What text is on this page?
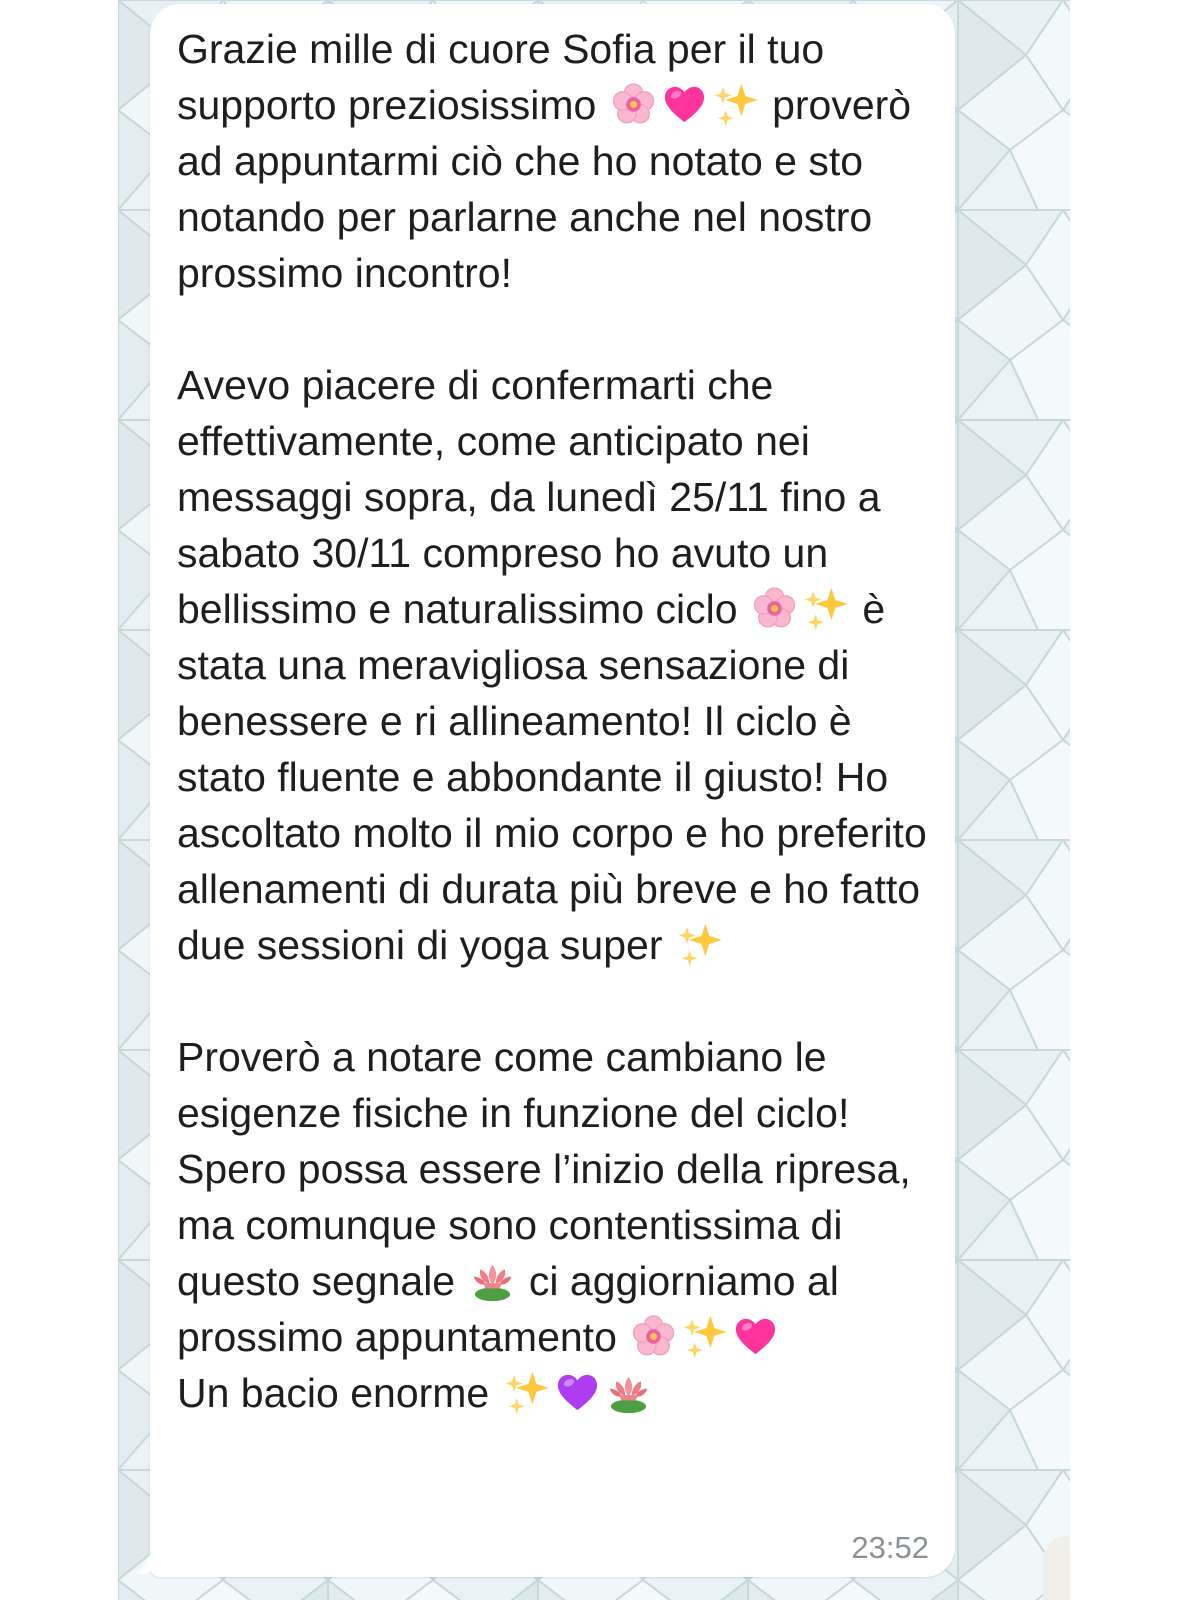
Grazie mille di cuore Sofia per il tuo supporto preziosissimo	proverò ad appuntarmi ciò che ho notato e sto notando per parlarne anche nel nostro prossimo incontro!
Avevo piacere di confermarti che effettivamente, come anticipato nei messaggi sopra, da lunedì 25/11 fino a sabato 30/11 compreso ho avuto un bellissimo e naturalissimo ciclo
è stata una meravigliosa sensazione di benessere e ri allineamento! Il ciclo è stato fluente e abbondante il giusto! Ho ascoltato molto il mio corpo e ho preferito allenamenti di durata più breve e ho fatto due sessioni di yoga super
Proverò a notare come cambiano le esigenze fisiche in funzione del ciclo! Spero possa essere l’inizio della ripresa, ma comunque sono contentissima di questo segnale
ci aggiorniamo al prossimo appuntamento
Un bacio enorme
23:52
